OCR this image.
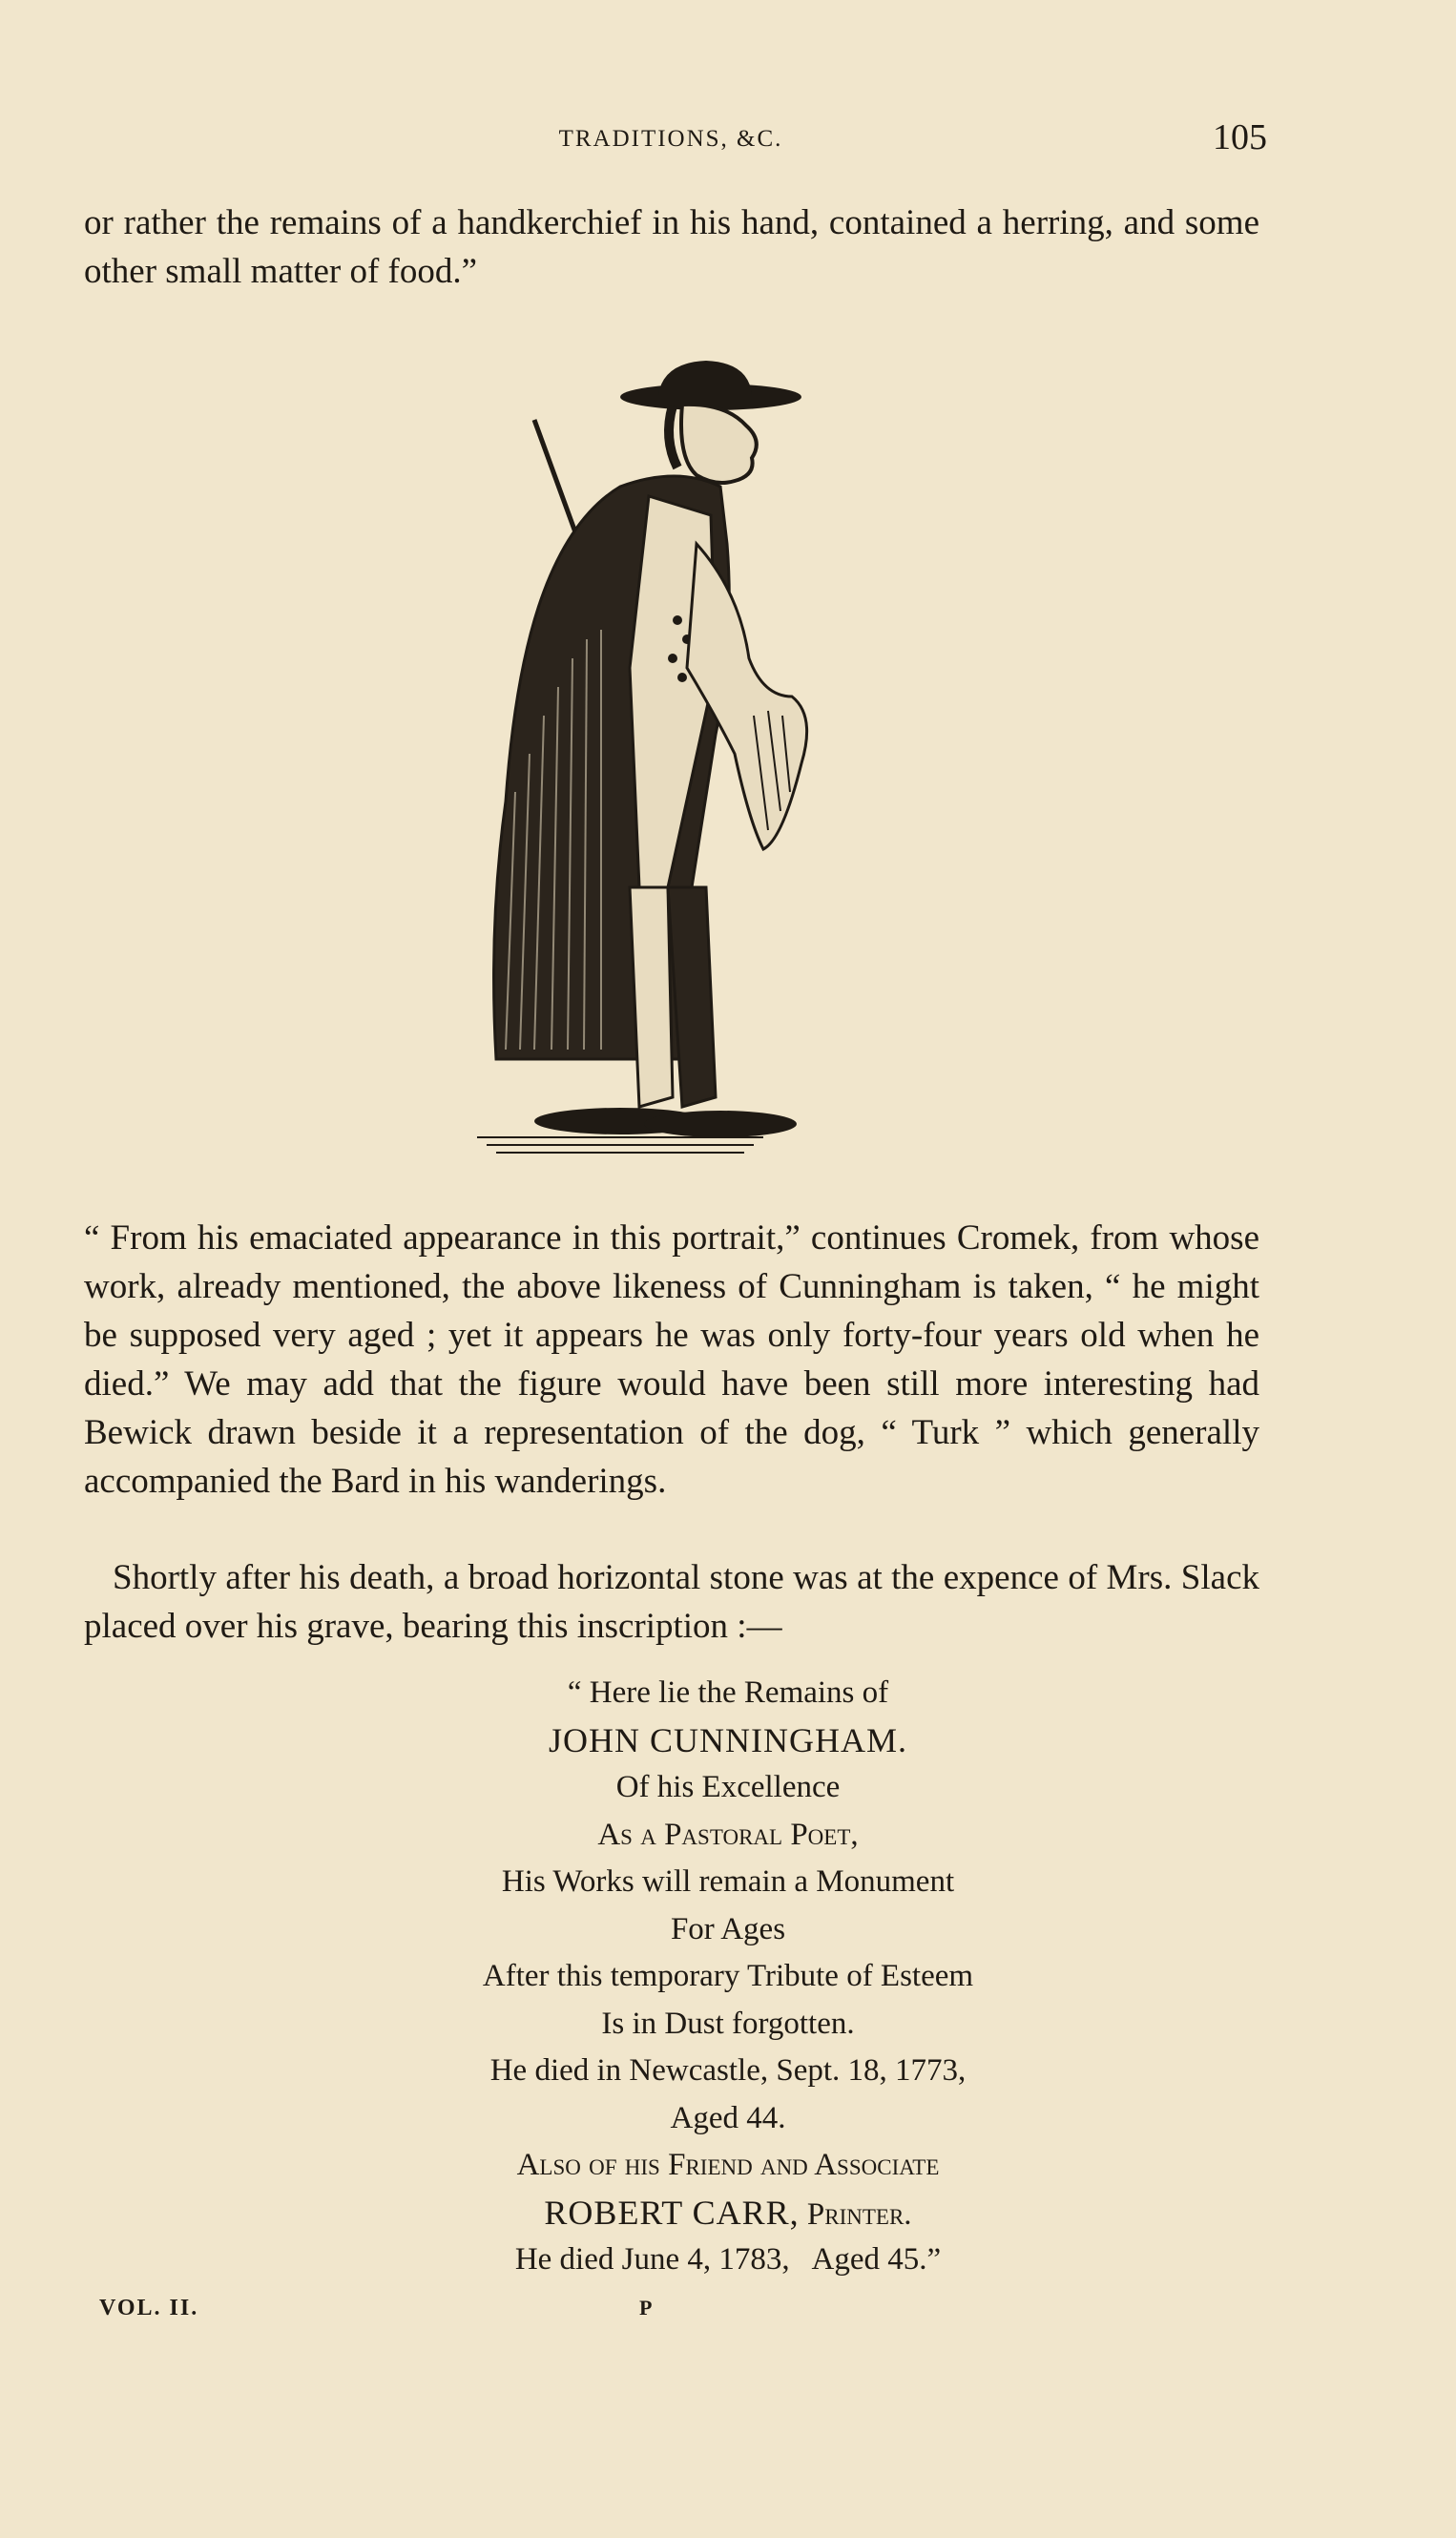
TRADITIONS, &C.	105
or rather the remains of a handkerchief in his hand, contained a herring, and some other small matter of food.”
“ From his emaciated appearance in this portrait,” continues Cromek, from whose work, already mentioned, the above likeness of Cunningham is taken, “ he might be supposed very aged ; yet it appears he was only forty-four years old when he died.” We may add that the figure would have been still more interesting had Bewick drawn beside it a representation of the dog, “ Turk ” which generally accompanied the Bard in his wanderings.
Shortly after his death, a broad horizontal stone was at the expence of Mrs. Slack placed over his grave, bearing this inscription :—
“ Here lie the Remains of
JOHN CUNNINGHAM.
Of his Excellence
As a Pastoral Poet,
His Works will remain a Monument
For Ages
After this temporary Tribute of Esteem
Is in Dust forgotten.
He died in Newcastle, Sept. 18, 1773,
Aged 44.
Also of his Friend and Associate
ROBERT CARR, Printer.
He died June 4, 1783,   Aged 45.”
VOL. II.	P
